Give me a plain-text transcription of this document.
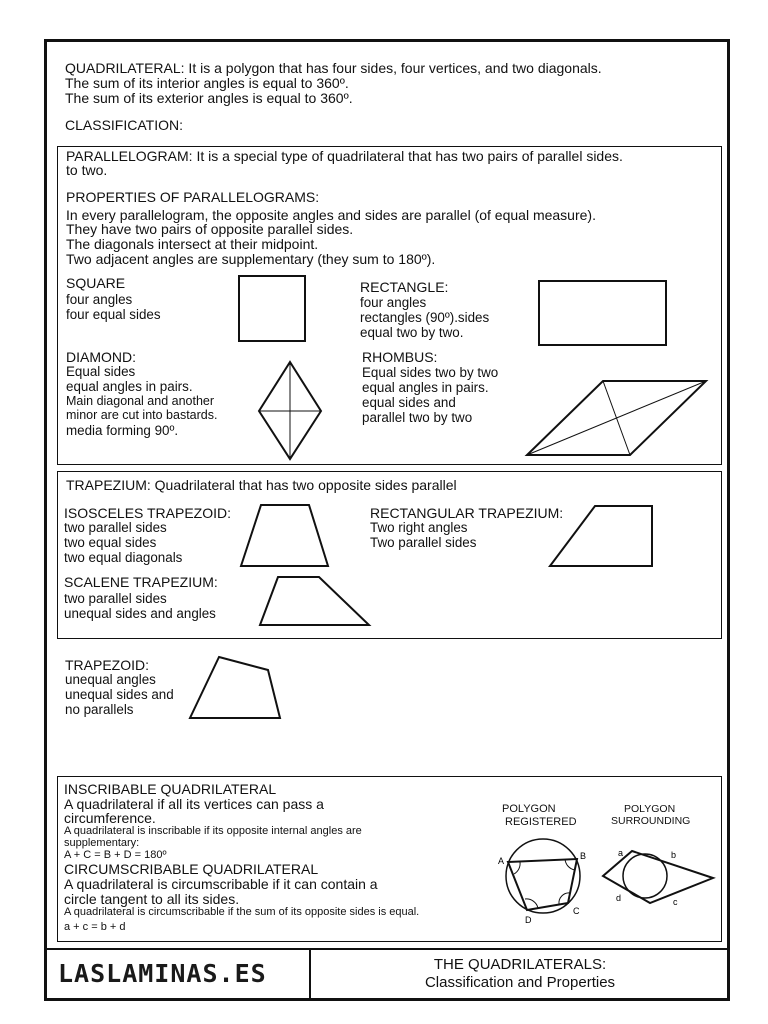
QUADRILATERAL: It is a polygon that has four sides, four vertices, and two diagonals.
The sum of its interior angles is equal to 360º.
The sum of its exterior angles is equal to 360º.
CLASSIFICATION:
PARALLELOGRAM: It is a special type of quadrilateral that has two pairs of parallel sides.
to two.
PROPERTIES OF PARALLELOGRAMS:
In every parallelogram, the opposite angles and sides are parallel (of equal measure).
They have two pairs of opposite parallel sides.
The diagonals intersect at their midpoint.
Two adjacent angles are supplementary (they sum to 180º).
SQUARE
four angles
four equal sides
RECTANGLE:
four angles
rectangles (90º).sides
equal two by two.
DIAMOND:
Equal sides
equal angles in pairs.
Main diagonal and another
minor are cut into bastards.
media forming 90º.
RHOMBUS:
Equal sides two by two
equal angles in pairs.
equal sides and
parallel two by two
TRAPEZIUM: Quadrilateral that has two opposite sides parallel
ISOSCELES TRAPEZOID:
two parallel sides
two equal sides
two equal diagonals
RECTANGULAR TRAPEZIUM:
Two right angles
Two parallel sides
SCALENE TRAPEZIUM:
two parallel sides
unequal sides and angles
TRAPEZOID:
unequal angles
unequal sides and
no parallels
INSCRIBABLE QUADRILATERAL
A quadrilateral if all its vertices can pass a
circumference.
A quadrilateral is inscribable if its opposite internal angles are
supplementary:
A + C = B + D = 180º
CIRCUMSCRIBABLE QUADRILATERAL
A quadrilateral is circumscribable if it can contain a
circle tangent to all its sides.
A quadrilateral is circumscribable if the sum of its opposite sides is equal.
a + c = b + d
POLYGON
REGISTERED
POLYGON
SURROUNDING
A	B
C
D
a	b
c
d
LASLAMINAS.ES	THE QUADRILATERALS:
Classification and Properties
